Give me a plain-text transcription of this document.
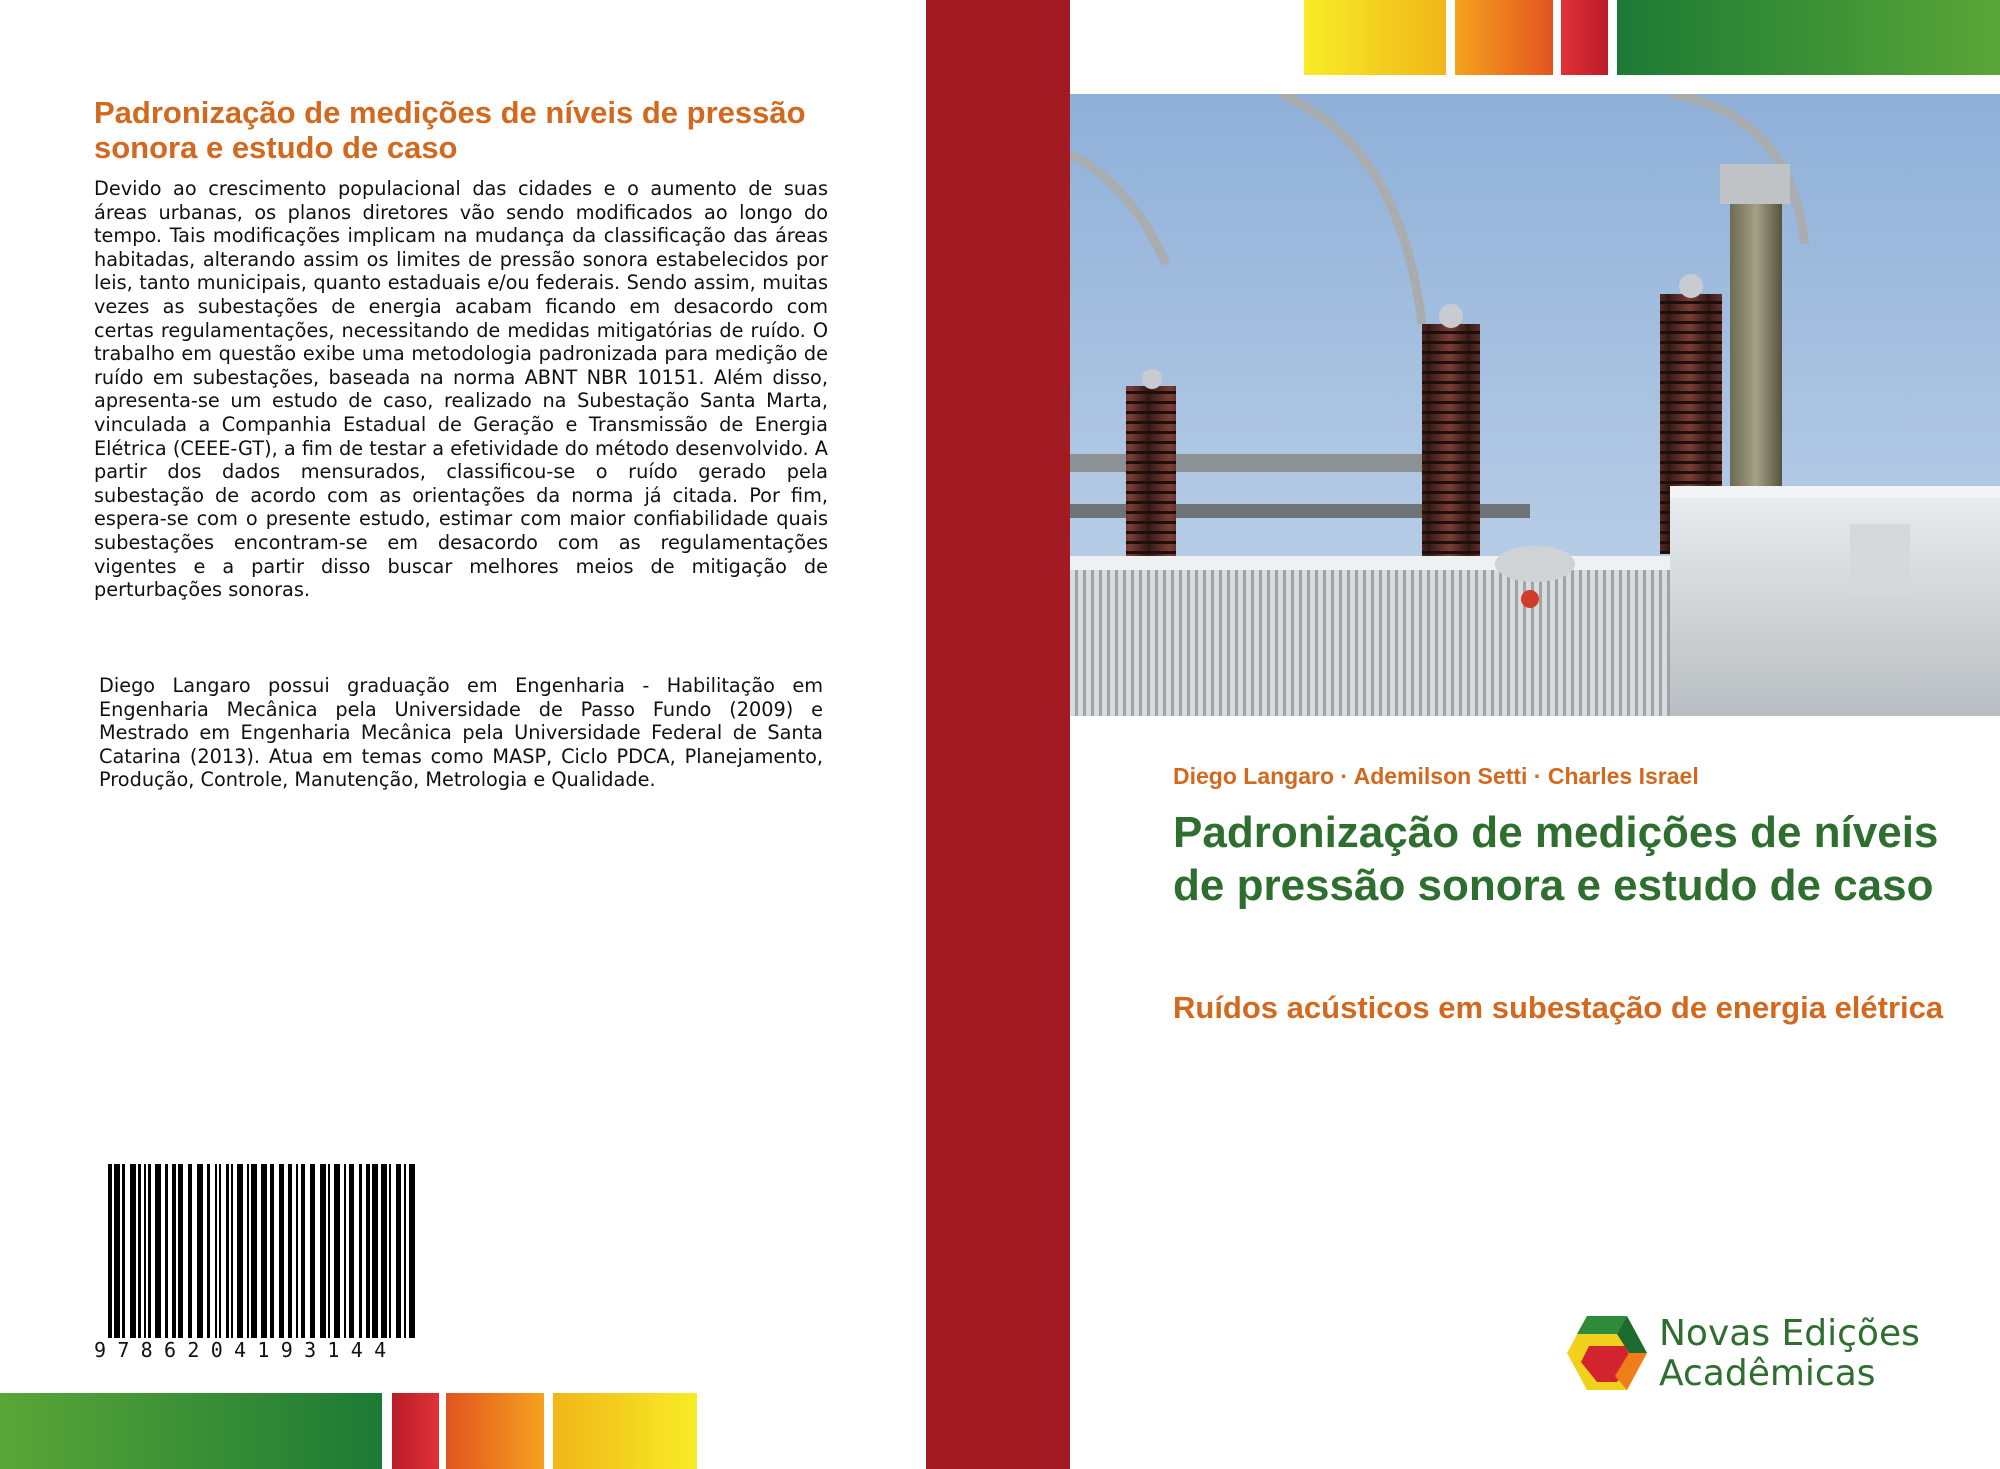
Padronização de medições de níveis de pressão sonora e estudo de caso

Devido ao crescimento populacional das cidades e o aumento de suas áreas urbanas, os planos diretores vão sendo modificados ao longo do tempo. Tais modificações implicam na mudança da classificação das áreas habitadas, alterando assim os limites de pressão sonora estabelecidos por leis, tanto municipais, quanto estaduais e/ou federais. Sendo assim, muitas vezes as subestações de energia acabam ficando em desacordo com certas regulamentações, necessitando de medidas mitigatórias de ruído. O trabalho em questão exibe uma metodologia padronizada para medição de ruído em subestações, baseada na norma ABNT NBR 10151. Além disso, apresenta-se um estudo de caso, realizado na Subestação Santa Marta, vinculada a Companhia Estadual de Geração e Transmissão de Energia Elétrica (CEEE-GT), a fim de testar a efetividade do método desenvolvido. A partir dos dados mensurados, classificou-se o ruído gerado pela subestação de acordo com as orientações da norma já citada. Por fim, espera-se com o presente estudo, estimar com maior confiabilidade quais subestações encontram-se em desacordo com as regulamentações vigentes e a partir disso buscar melhores meios de mitigação de perturbações sonoras.

Diego Langaro possui graduação em Engenharia - Habilitação em Engenharia Mecânica pela Universidade de Passo Fundo (2009) e Mestrado em Engenharia Mecânica pela Universidade Federal de Santa Catarina (2013). Atua em temas como MASP, Ciclo PDCA, Planejamento, Produção, Controle, Manutenção, Metrologia e Qualidade.

9786204193144

Diego Langaro · Ademilson Setti · Charles Israel

Padronização de medições de níveis de pressão sonora e estudo de caso

Ruídos acústicos em subestação de energia elétrica

Novas Edições
Acadêmicas
